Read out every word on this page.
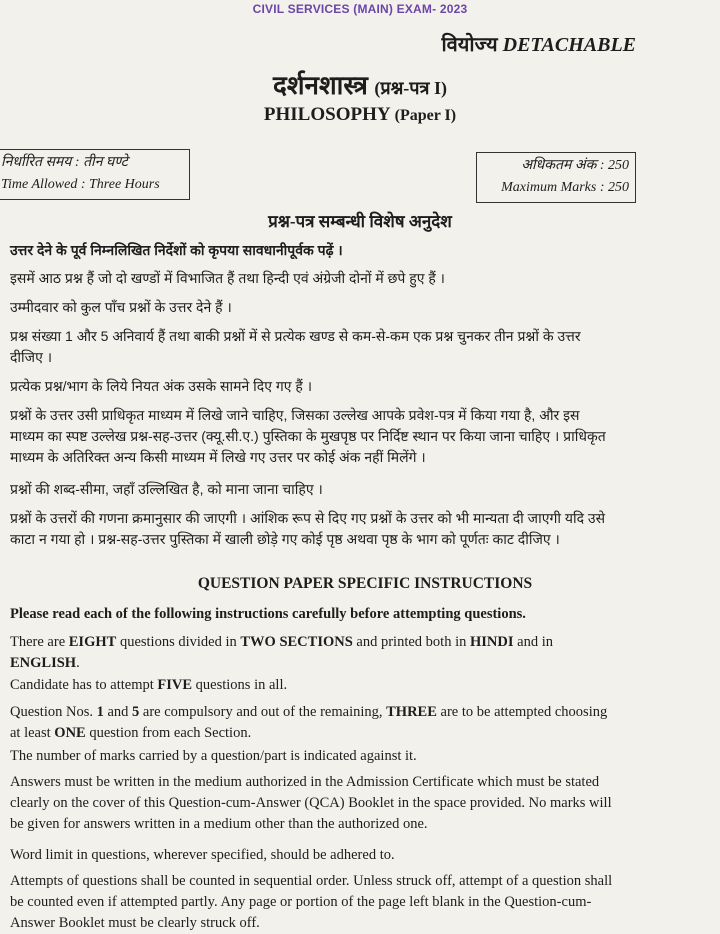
CIVIL SERVICES (MAIN) EXAM- 2023
वियोज्य DETACHABLE
दर्शनशास्त्र (प्रश्न-पत्र I)
PHILOSOPHY (Paper I)
निर्धारित समय : तीन घण्टे
Time Allowed : Three Hours
अधिकतम अंक : 250
Maximum Marks : 250
प्रश्न-पत्र सम्बन्धी विशेष अनुदेश
उत्तर देने के पूर्व निम्नलिखित निर्देशों को कृपया सावधानीपूर्वक पढ़ें ।
इसमें आठ प्रश्न हैं जो दो खण्डों में विभाजित हैं तथा हिन्दी एवं अंग्रेजी दोनों में छपे हुए हैं ।
उम्मीदवार को कुल पाँच प्रश्नों के उत्तर देने हैं ।
प्रश्न संख्या 1 और 5 अनिवार्य हैं तथा बाकी प्रश्नों में से प्रत्येक खण्ड से कम-से-कम एक प्रश्न चुनकर तीन प्रश्नों के उत्तर दीजिए ।
प्रत्येक प्रश्न/भाग के लिये नियत अंक उसके सामने दिए गए हैं ।
प्रश्नों के उत्तर उसी प्राधिकृत माध्यम में लिखे जाने चाहिए, जिसका उल्लेख आपके प्रवेश-पत्र में किया गया है, और इस माध्यम का स्पष्ट उल्लेख प्रश्न-सह-उत्तर (क्यू.सी.ए.) पुस्तिका के मुखपृष्ठ पर निर्दिष्ट स्थान पर किया जाना चाहिए । प्राधिकृत माध्यम के अतिरिक्त अन्य किसी माध्यम में लिखे गए उत्तर पर कोई अंक नहीं मिलेंगे ।
प्रश्नों की शब्द-सीमा, जहाँ उल्लिखित है, को माना जाना चाहिए ।
प्रश्नों के उत्तरों की गणना क्रमानुसार की जाएगी । आंशिक रूप से दिए गए प्रश्नों के उत्तर को भी मान्यता दी जाएगी यदि उसे काटा न गया हो । प्रश्न-सह-उत्तर पुस्तिका में खाली छोड़े गए कोई पृष्ठ अथवा पृष्ठ के भाग को पूर्णतः काट दीजिए ।
QUESTION PAPER SPECIFIC INSTRUCTIONS
Please read each of the following instructions carefully before attempting questions.
There are EIGHT questions divided in TWO SECTIONS and printed both in HINDI and in ENGLISH.
Candidate has to attempt FIVE questions in all.
Question Nos. 1 and 5 are compulsory and out of the remaining, THREE are to be attempted choosing at least ONE question from each Section.
The number of marks carried by a question/part is indicated against it.
Answers must be written in the medium authorized in the Admission Certificate which must be stated clearly on the cover of this Question-cum-Answer (QCA) Booklet in the space provided. No marks will be given for answers written in a medium other than the authorized one.
Word limit in questions, wherever specified, should be adhered to.
Attempts of questions shall be counted in sequential order. Unless struck off, attempt of a question shall be counted even if attempted partly. Any page or portion of the page left blank in the Question-cum-Answer Booklet must be clearly struck off.
